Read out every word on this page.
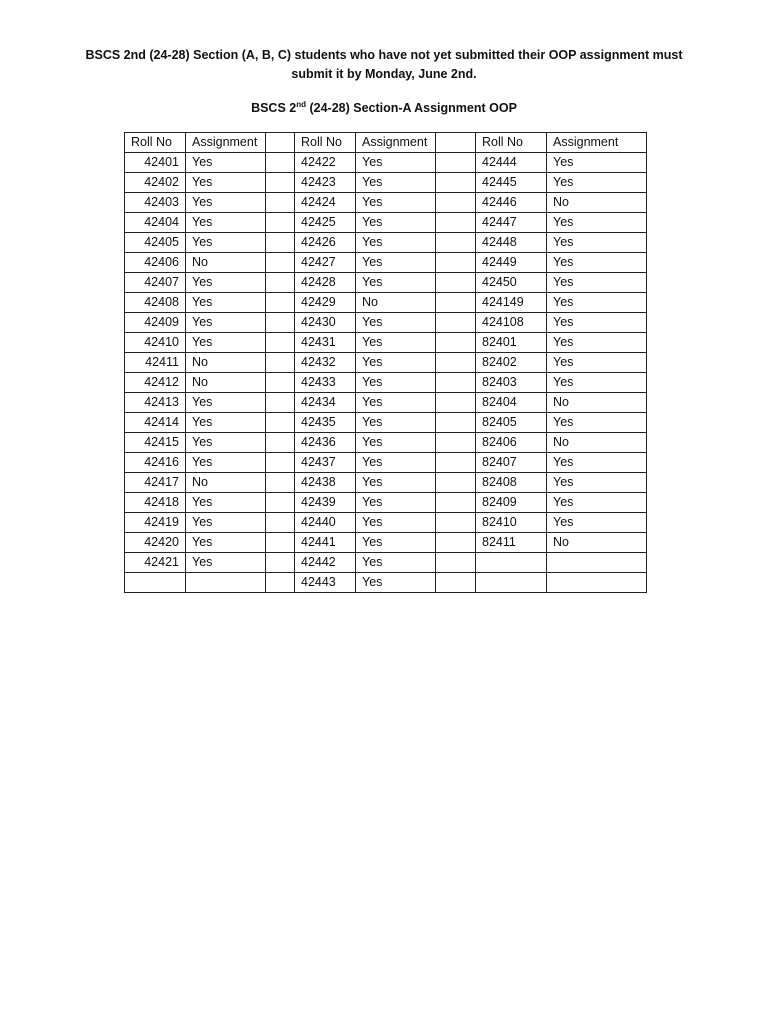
BSCS 2nd (24-28) Section (A, B, C) students who have not yet submitted their OOP assignment must
submit it by Monday, June 2nd.

BSCS 2nd (24-28) Section-A Assignment OOP

Roll No	Assignment		Roll No	Assignment		Roll No	Assignment
42401	Yes		42422	Yes		42444	Yes
42402	Yes		42423	Yes		42445	Yes
42403	Yes		42424	Yes		42446	No
42404	Yes		42425	Yes		42447	Yes
42405	Yes		42426	Yes		42448	Yes
42406	No		42427	Yes		42449	Yes
42407	Yes		42428	Yes		42450	Yes
42408	Yes		42429	No		424149	Yes
42409	Yes		42430	Yes		424108	Yes
42410	Yes		42431	Yes		82401	Yes
42411	No		42432	Yes		82402	Yes
42412	No		42433	Yes		82403	Yes
42413	Yes		42434	Yes		82404	No
42414	Yes		42435	Yes		82405	Yes
42415	Yes		42436	Yes		82406	No
42416	Yes		42437	Yes		82407	Yes
42417	No		42438	Yes		82408	Yes
42418	Yes		42439	Yes		82409	Yes
42419	Yes		42440	Yes		82410	Yes
42420	Yes		42441	Yes		82411	No
42421	Yes		42442	Yes			
			42443	Yes			
